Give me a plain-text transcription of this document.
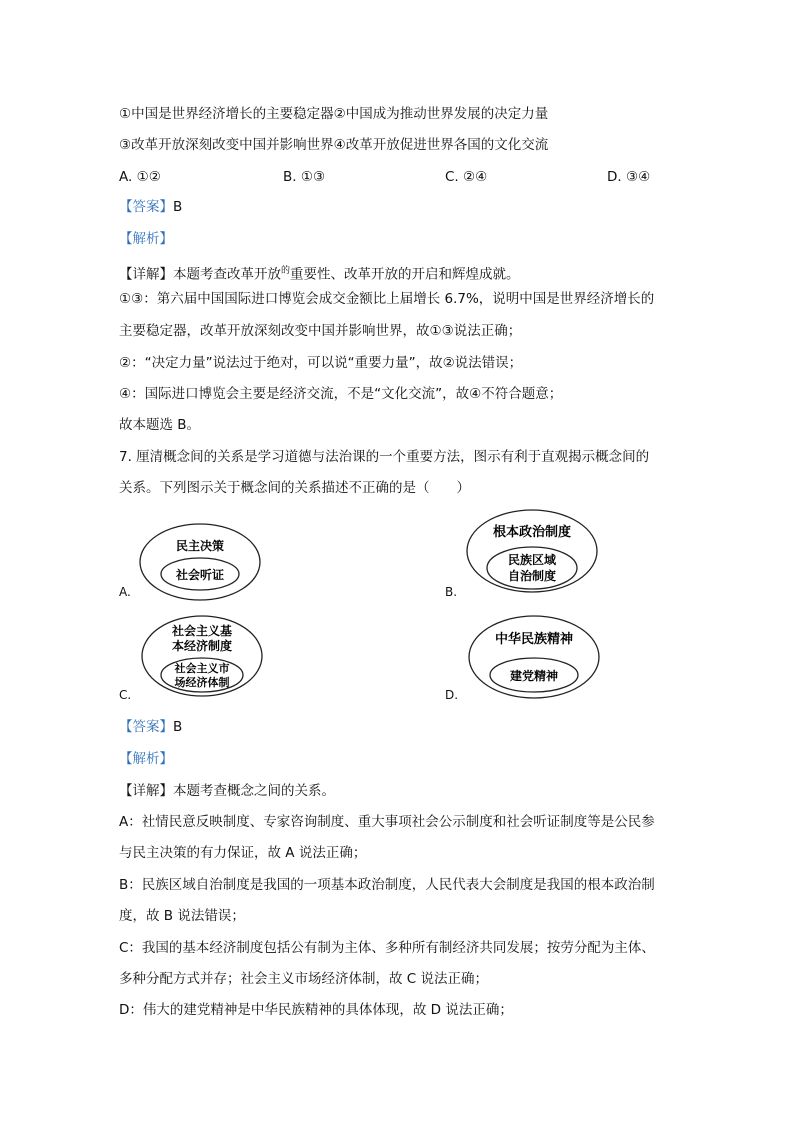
①中国是世界经济增长的主要稳定器②中国成为推动世界发展的决定力量
③改革开放深刻改变中国并影响世界④改革开放促进世界各国的文化交流
A. ①②	B. ①③	C. ②④	D. ③④
【答案】B
【解析】
【详解】本题考查改革开放$^的$重要性、改革开放的开启和辉煌成就。
①③：第六届中国国际进口博览会成交金额比上届增长 6.7%，说明中国是世界经济增长的
主要稳定器，改革开放深刻改变中国并影响世界，故①③说法正确；
②：“决定力量”说法过于绝对，可以说“重要力量”，故②说法错误；
④：国际进口博览会主要是经济交流，不是“文化交流”，故④不符合题意；
故本题选 B。
7. 厘清概念间的关系是学习道德与法治课的一个重要方法，图示有利于直观揭示概念间的
关系。下列图示关于概念间的关系描述不正确的是（　　）
民主决策
社会听证
A.
根本政治制度
民族区域
自治制度
B.
社会主义基
本经济制度
社会主义市
场经济体制
C.
中华民族精神
建党精神
D.
【答案】B
【解析】
【详解】本题考查概念之间的关系。
A：社情民意反映制度、专家咨询制度、重大事项社会公示制度和社会听证制度等是公民参
与民主决策的有力保证，故 A 说法正确；
B：民族区域自治制度是我国的一项基本政治制度，人民代表大会制度是我国的根本政治制
度，故 B 说法错误；
C：我国的基本经济制度包括公有制为主体、多种所有制经济共同发展；按劳分配为主体、
多种分配方式并存；社会主义市场经济体制，故 C 说法正确；
D：伟大的建党精神是中华民族精神的具体体现，故 D 说法正确；
